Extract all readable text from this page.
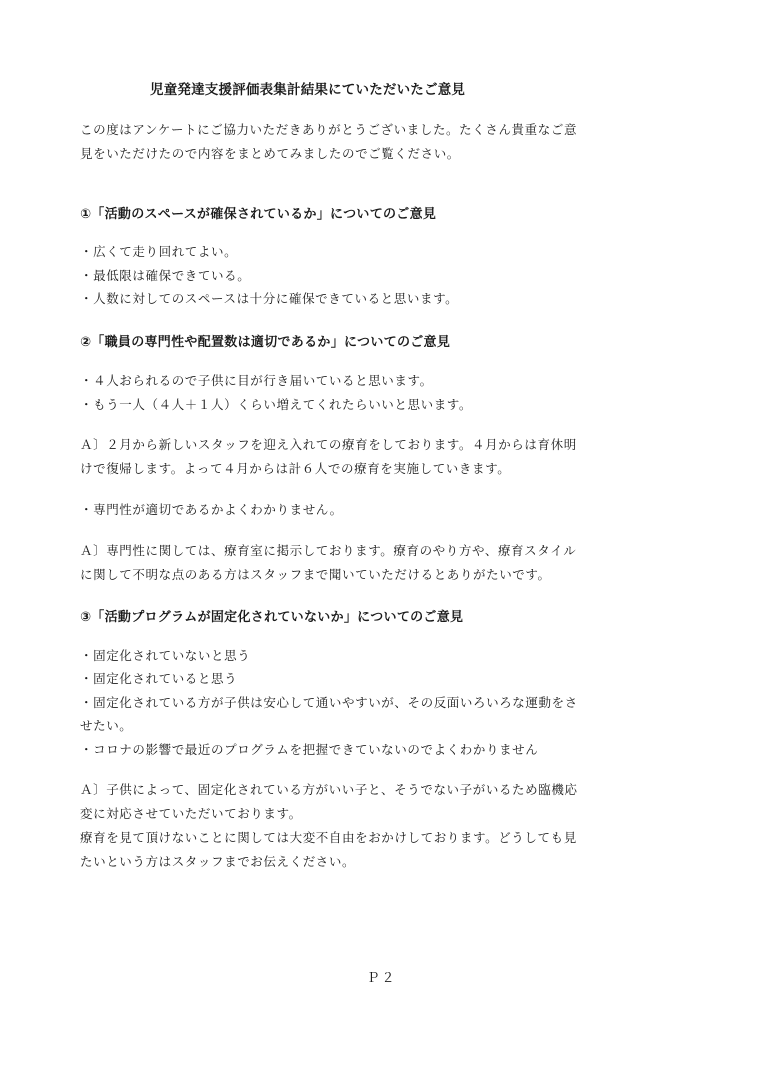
児童発達支援評価表集計結果にていただいたご意見
この度はアンケートにご協力いただきありがとうございました。たくさん貴重なご意
見をいただけたので内容をまとめてみましたのでご覧ください。
①「活動のスペースが確保されているか」についてのご意見
・広くて走り回れてよい。
・最低限は確保できている。
・人数に対してのスペースは十分に確保できていると思います。
②「職員の専門性や配置数は適切であるか」についてのご意見
・４人おられるので子供に目が行き届いていると思います。
・もう一人（４人＋１人）くらい増えてくれたらいいと思います。
Ａ〕２月から新しいスタッフを迎え入れての療育をしております。４月からは育休明
けで復帰します。よって４月からは計６人での療育を実施していきます。
・専門性が適切であるかよくわかりません。
Ａ〕専門性に関しては、療育室に掲示しております。療育のやり方や、療育スタイル
に関して不明な点のある方はスタッフまで聞いていただけるとありがたいです。
③「活動プログラムが固定化されていないか」についてのご意見
・固定化されていないと思う
・固定化されていると思う
・固定化されている方が子供は安心して通いやすいが、その反面いろいろな運動をさ
せたい。
・コロナの影響で最近のプログラムを把握できていないのでよくわかりません
Ａ〕子供によって、固定化されている方がいい子と、そうでない子がいるため臨機応
変に対応させていただいております。
療育を見て頂けないことに関しては大変不自由をおかけしております。どうしても見
たいという方はスタッフまでお伝えください。
Ｐ２
